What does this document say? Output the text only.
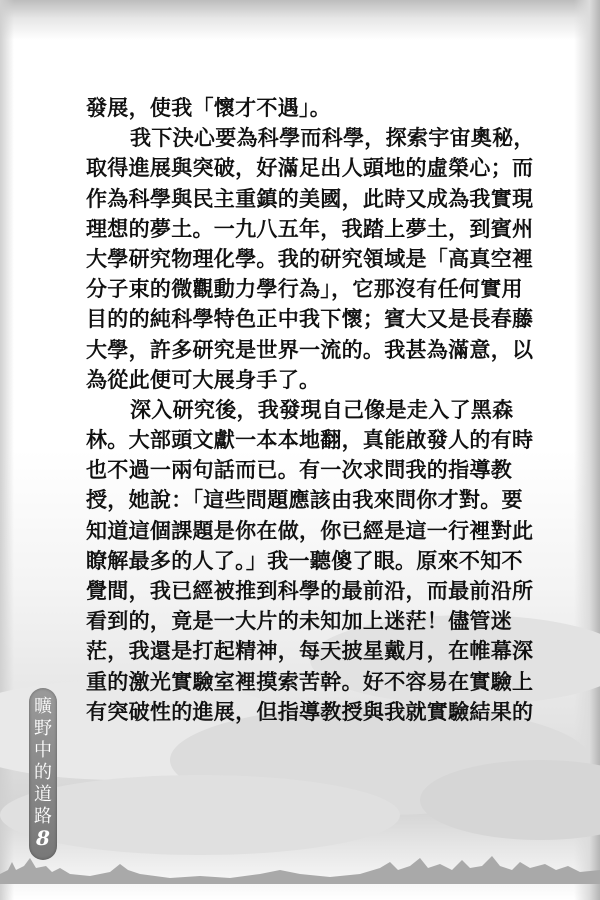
發展，使我「懷才不遇」。
我下決心要為科學而科學，探索宇宙奧秘，
取得進展與突破，好滿足出人頭地的虛榮心；而
作為科學與民主重鎮的美國，此時又成為我實現
理想的夢土。一九八五年，我踏上夢土，到賓州
大學研究物理化學。我的研究領域是「高真空裡
分子束的微觀動力學行為」，它那沒有任何實用
目的的純科學特色正中我下懷；賓大又是長春藤
大學，許多研究是世界一流的。我甚為滿意，以
為從此便可大展身手了。
深入研究後，我發現自己像是走入了黑森
林。大部頭文獻一本本地翻，真能啟發人的有時
也不過一兩句話而已。有一次求問我的指導教
授，她說：「這些問題應該由我來問你才對。要
知道這個課題是你在做，你已經是這一行裡對此
瞭解最多的人了。」我一聽傻了眼。原來不知不
覺間，我已經被推到科學的最前沿，而最前沿所
看到的，竟是一大片的未知加上迷茫！儘管迷
茫，我還是打起精神，每天披星戴月，在帷幕深
重的激光實驗室裡摸索苦幹。好不容易在實驗上
有突破性的進展，但指導教授與我就實驗結果的
曠
野
中
的
道
路
8
